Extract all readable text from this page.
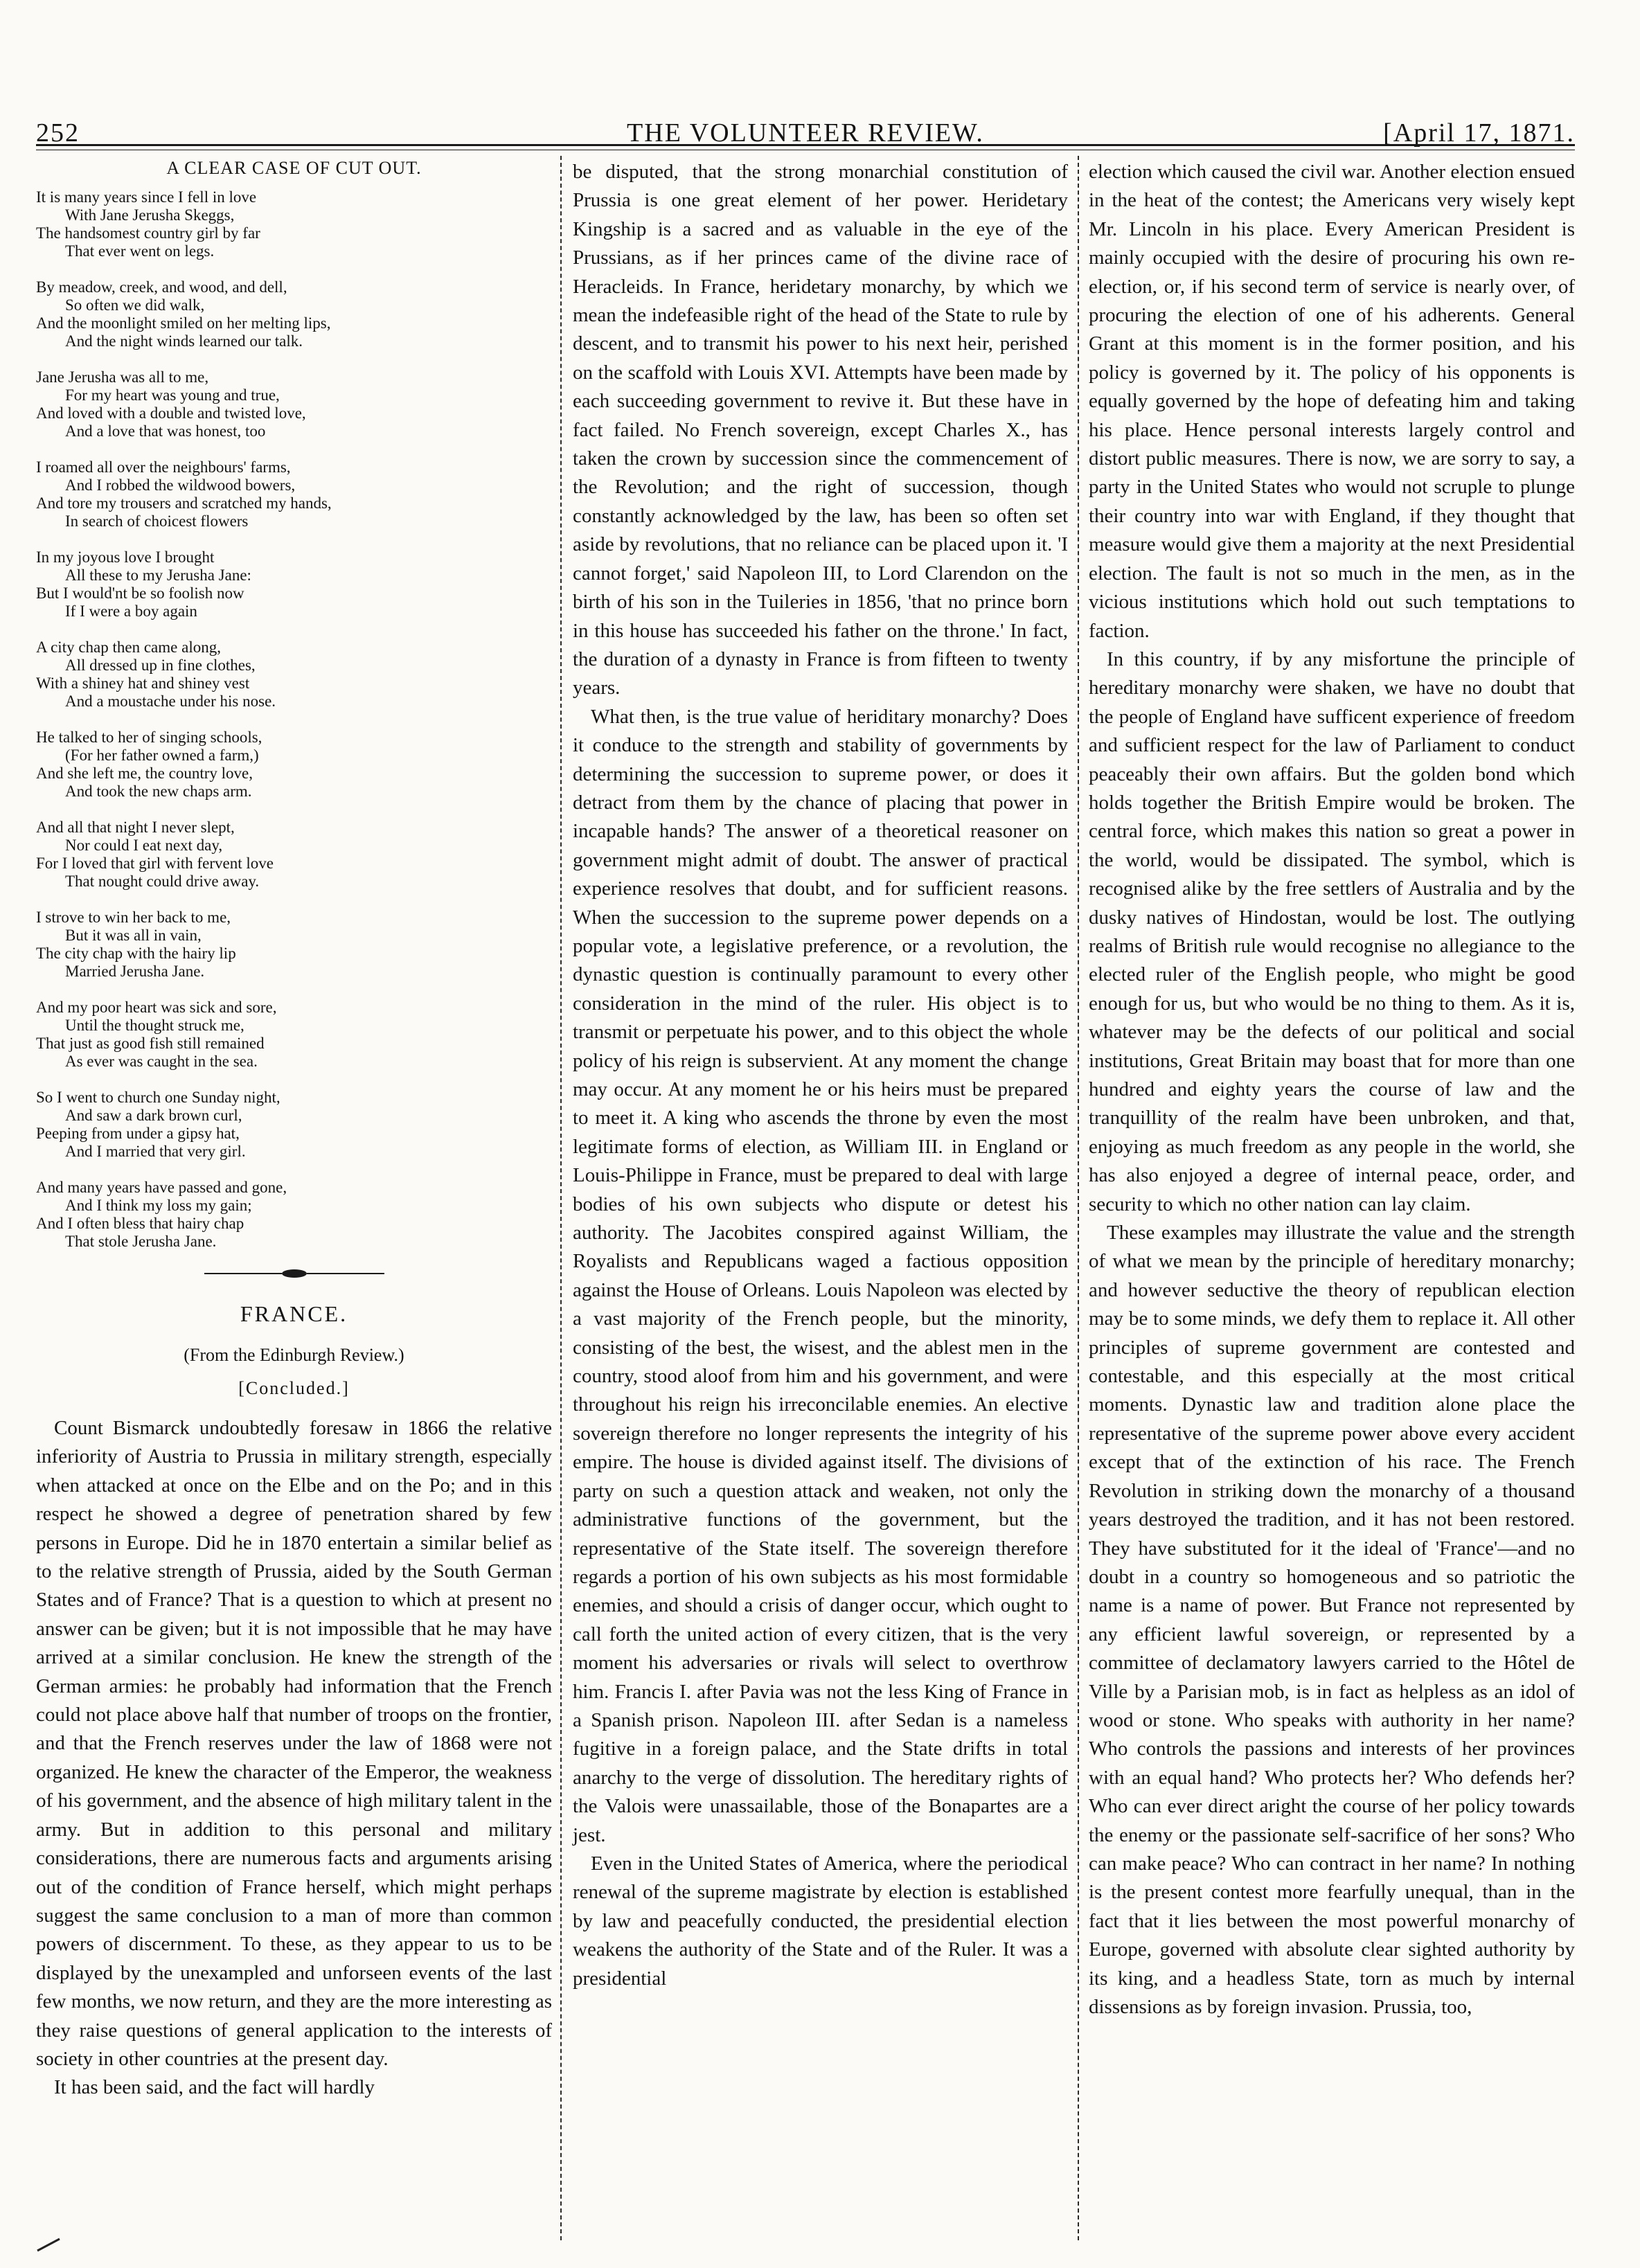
252	THE VOLUNTEER REVIEW.	[April 17, 1871.
A CLEAR CASE OF CUT OUT.
It is many years since I fell in love
With Jane Jerusha Skeggs,
The handsomest country girl by far
That ever went on legs.
By meadow, creek, and wood, and dell,
So often we did walk,
And the moonlight smiled on her melting lips,
And the night winds learned our talk.
Jane Jerusha was all to me,
For my heart was young and true,
And loved with a double and twisted love,
And a love that was honest, too
I roamed all over the neighbours' farms,
And I robbed the wildwood bowers,
And tore my trousers and scratched my hands,
In search of choicest flowers
In my joyous love I brought
All these to my Jerusha Jane:
But I would'nt be so foolish now
If I were a boy again
A city chap then came along,
All dressed up in fine clothes,
With a shiney hat and shiney vest
And a moustache under his nose.
He talked to her of singing schools,
(For her father owned a farm,)
And she left me, the country love,
And took the new chaps arm.
And all that night I never slept,
Nor could I eat next day,
For I loved that girl with fervent love
That nought could drive away.
I strove to win her back to me,
But it was all in vain,
The city chap with the hairy lip
Married Jerusha Jane.
And my poor heart was sick and sore,
Until the thought struck me,
That just as good fish still remained
As ever was caught in the sea.
So I went to church one Sunday night,
And saw a dark brown curl,
Peeping from under a gipsy hat,
And I married that very girl.
And many years have passed and gone,
And I think my loss my gain;
And I often bless that hairy chap
That stole Jerusha Jane.
FRANCE.
(From the Edinburgh Review.)
[Concluded.]

Count Bismarck undoubtedly foresaw in 1866 the relative inferiority of Austria to Prussia in military strength, especially when attacked at once on the Elbe and on the Po; and in this respect he showed a degree of penetration shared by few persons in Europe. Did he in 1870 entertain a similar belief as to the relative strength of Prussia, aided by the South German States and of France? That is a question to which at present no answer can be given; but it is not impossible that he may have arrived at a similar conclusion. He knew the strength of the German armies: he probably had information that the French could not place above half that number of troops on the frontier, and that the French reserves under the law of 1868 were not organized. He knew the character of the Emperor, the weakness of his government, and the absence of high military talent in the army. But in addition to this personal and military considerations, there are numerous facts and arguments arising out of the condition of France herself, which might perhaps suggest the same conclusion to a man of more than common powers of discernment. To these, as they appear to us to be displayed by the unexampled and unforseen events of the last few months, we now return, and they are the more interesting as they raise questions of general application to the interests of society in other countries at the present day.

It has been said, and the fact will hardly

be disputed, that the strong monarchial constitution of Prussia is one great element of her power. Heridetary Kingship is a sacred and as valuable in the eye of the Prussians, as if her princes came of the divine race of Heracleids. In France, heridetary monarchy, by which we mean the indefeasible right of the head of the State to rule by descent, and to transmit his power to his next heir, perished on the scaffold with Louis XVI. Attempts have been made by each succeeding government to revive it. But these have in fact failed. No French sovereign, except Charles X., has taken the crown by succession since the commencement of the Revolution; and the right of succession, though constantly acknowledged by the law, has been so often set aside by revolutions, that no reliance can be placed upon it. 'I cannot forget,' said Napoleon III, to Lord Clarendon on the birth of his son in the Tuileries in 1856, 'that no prince born in this house has succeeded his father on the throne.' In fact, the duration of a dynasty in France is from fifteen to twenty years.

What then, is the true value of heriditary monarchy? Does it conduce to the strength and stability of governments by determining the succession to supreme power, or does it detract from them by the chance of placing that power in incapable hands? The answer of a theoretical reasoner on government might admit of doubt. The answer of practical experience resolves that doubt, and for sufficient reasons. When the succession to the supreme power depends on a popular vote, a legislative preference, or a revolution, the dynastic question is continually paramount to every other consideration in the mind of the ruler. His object is to transmit or perpetuate his power, and to this object the whole policy of his reign is subservient. At any moment the change may occur. At any moment he or his heirs must be prepared to meet it. A king who ascends the throne by even the most legitimate forms of election, as William III. in England or Louis-Philippe in France, must be prepared to deal with large bodies of his own subjects who dispute or detest his authority. The Jacobites conspired against William, the Royalists and Republicans waged a factious opposition against the House of Orleans. Louis Napoleon was elected by a vast majority of the French people, but the minority, consisting of the best, the wisest, and the ablest men in the country, stood aloof from him and his government, and were throughout his reign his irreconcilable enemies. An elective sovereign therefore no longer represents the integrity of his empire. The house is divided against itself. The divisions of party on such a question attack and weaken, not only the administrative functions of the government, but the representative of the State itself. The sovereign therefore regards a portion of his own subjects as his most formidable enemies, and should a crisis of danger occur, which ought to call forth the united action of every citizen, that is the very moment his adversaries or rivals will select to overthrow him. Francis I. after Pavia was not the less King of France in a Spanish prison. Napoleon III. after Sedan is a nameless fugitive in a foreign palace, and the State drifts in total anarchy to the verge of dissolution. The hereditary rights of the Valois were unassailable, those of the Bonapartes are a jest.

Even in the United States of America, where the periodical renewal of the supreme magistrate by election is established by law and peacefully conducted, the presidential election weakens the authority of the State and of the Ruler. It was a presidential

election which caused the civil war. Another election ensued in the heat of the contest; the Americans very wisely kept Mr. Lincoln in his place. Every American President is mainly occupied with the desire of procuring his own re-election, or, if his second term of service is nearly over, of procuring the election of one of his adherents. General Grant at this moment is in the former position, and his policy is governed by it. The policy of his opponents is equally governed by the hope of defeating him and taking his place. Hence personal interests largely control and distort public measures. There is now, we are sorry to say, a party in the United States who would not scruple to plunge their country into war with England, if they thought that measure would give them a majority at the next Presidential election. The fault is not so much in the men, as in the vicious institutions which hold out such temptations to faction.

In this country, if by any misfortune the principle of hereditary monarchy were shaken, we have no doubt that the people of England have sufficent experience of freedom and sufficient respect for the law of Parliament to conduct peaceably their own affairs. But the golden bond which holds together the British Empire would be broken. The central force, which makes this nation so great a power in the world, would be dissipated. The symbol, which is recognised alike by the free settlers of Australia and by the dusky natives of Hindostan, would be lost. The outlying realms of British rule would recognise no allegiance to the elected ruler of the English people, who might be good enough for us, but who would be no thing to them. As it is, whatever may be the defects of our political and social institutions, Great Britain may boast that for more than one hundred and eighty years the course of law and the tranquillity of the realm have been unbroken, and that, enjoying as much freedom as any people in the world, she has also enjoyed a degree of internal peace, order, and security to which no other nation can lay claim.

These examples may illustrate the value and the strength of what we mean by the principle of hereditary monarchy; and however seductive the theory of republican election may be to some minds, we defy them to replace it. All other principles of supreme government are contested and contestable, and this especially at the most critical moments. Dynastic law and tradition alone place the representative of the supreme power above every accident except that of the extinction of his race. The French Revolution in striking down the monarchy of a thousand years destroyed the tradition, and it has not been restored. They have substituted for it the ideal of 'France'—and no doubt in a country so homogeneous and so patriotic the name is a name of power. But France not represented by any efficient lawful sovereign, or represented by a committee of declamatory lawyers carried to the Hôtel de Ville by a Parisian mob, is in fact as helpless as an idol of wood or stone. Who speaks with authority in her name? Who controls the passions and interests of her provinces with an equal hand? Who protects her? Who defends her? Who can ever direct aright the course of her policy towards the enemy or the passionate self-sacrifice of her sons? Who can make peace? Who can contract in her name? In nothing is the present contest more fearfully unequal, than in the fact that it lies between the most powerful monarchy of Europe, governed with absolute clear sighted authority by its king, and a headless State, torn as much by internal dissensions as by foreign invasion. Prussia, too,
